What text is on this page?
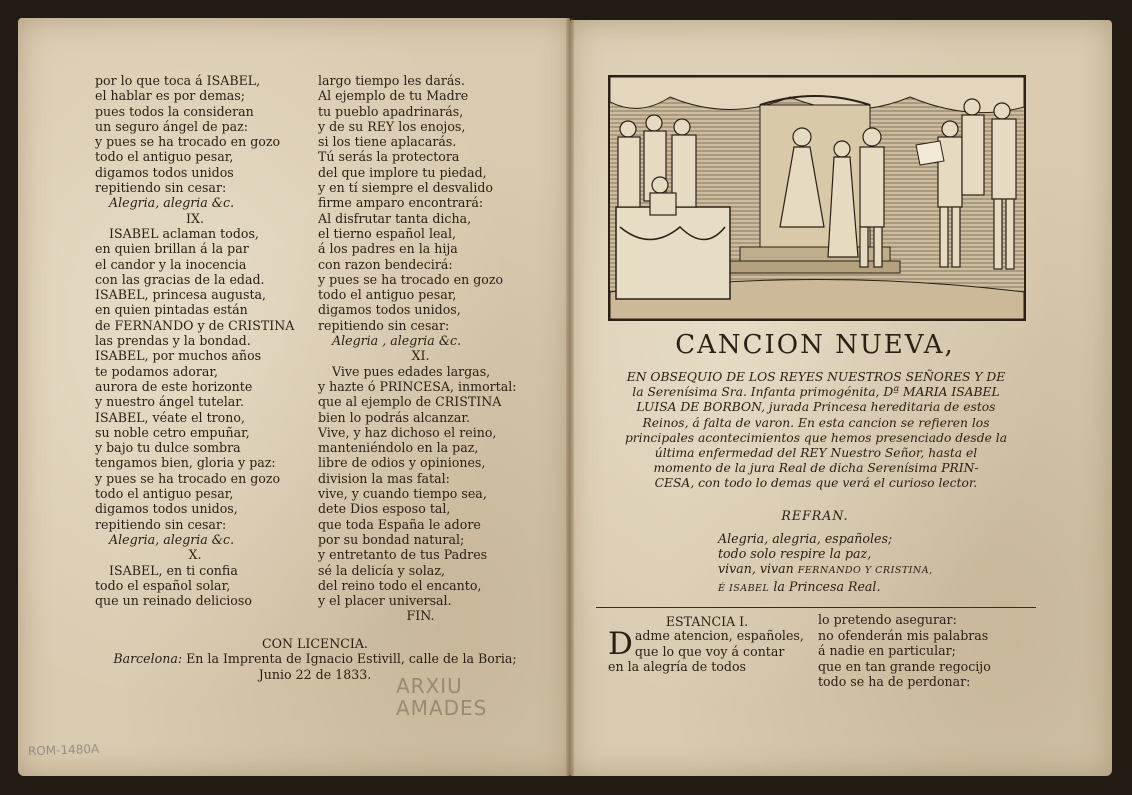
por lo que toca á ISABEL,
el hablar es por demas;
pues todos la consideran
un seguro ángel de paz:
y pues se ha trocado en gozo
todo el antiguo pesar,
digamos todos unidos
repitiendo sin cesar:
Alegria, alegria &c.
IX.
ISABEL aclaman todos,
en quien brillan á la par
el candor y la inocencia
con las gracias de la edad.
ISABEL, princesa augusta,
en quien pintadas están
de FERNANDO y de CRISTINA
las prendas y la bondad.
ISABEL, por muchos años
te podamos adorar,
aurora de este horizonte
y nuestro ángel tutelar.
ISABEL, véate el trono,
su noble cetro empuñar,
y bajo tu dulce sombra
tengamos bien, gloria y paz:
y pues se ha trocado en gozo
todo el antiguo pesar,
digamos todos unidos,
repitiendo sin cesar:
Alegria, alegria &c.
X.
ISABEL, en ti confia
todo el español solar,
que un reinado delicioso
largo tiempo les darás.
Al ejemplo de tu Madre
tu pueblo apadrinarás,
y de su REY los enojos,
si los tiene aplacarás.
Tú serás la protectora
del que implore tu piedad,
y en tí siempre el desvalido
firme amparo encontrará:
Al disfrutar tanta dicha,
el tierno español leal,
á los padres en la hija
con razon bendecirá:
y pues se ha trocado en gozo
todo el antiguo pesar,
digamos todos unidos,
repitiendo sin cesar:
Alegria , alegria &c.
XI.
Vive pues edades largas,
y hazte ó PRINCESA, inmortal:
que al ejemplo de CRISTINA
bien lo podrás alcanzar.
Vive, y haz dichoso el reino,
manteniéndolo en la paz,
libre de odios y opiniones,
division la mas fatal:
vive, y cuando tiempo sea,
dete Dios esposo tal,
que toda España le adore
por su bondad natural;
y entretanto de tus Padres
sé la delicía y solaz,
del reino todo el encanto,
y el placer universal.
FIN.
CON LICENCIA.
Barcelona: En la Imprenta de Ignacio Estivill, calle de la Boria;
Junio 22 de 1833.	ARXIU
AMADES
ROM-1480A
CANCION NUEVA,
EN OBSEQUIO DE LOS REYES NUESTROS SEÑORES Y DE
la Serenísima Sra. Infanta primogénita, Dª MARIA ISABEL
LUISA DE BORBON, jurada Princesa hereditaria de estos
Reinos, á falta de varon. En esta cancion se refieren los
principales acontecimientos que hemos presenciado desde la
última enfermedad del REY Nuestro Señor, hasta el
momento de la jura Real de dicha Serenísima PRIN-
CESA, con todo lo demas que verá el curioso lector.
REFRAN.
Alegria, alegria, españoles;
todo solo respire la paz,
vivan, vivan FERNANDO Y CRISTINA,
É ISABEL la Princesa Real.
ESTANCIA I.
D adme atencion, españoles,
que lo que voy á contar
en la alegría de todos
lo pretendo asegurar:
no ofenderán mis palabras
á nadie en particular;
que en tan grande regocijo
todo se ha de perdonar:
